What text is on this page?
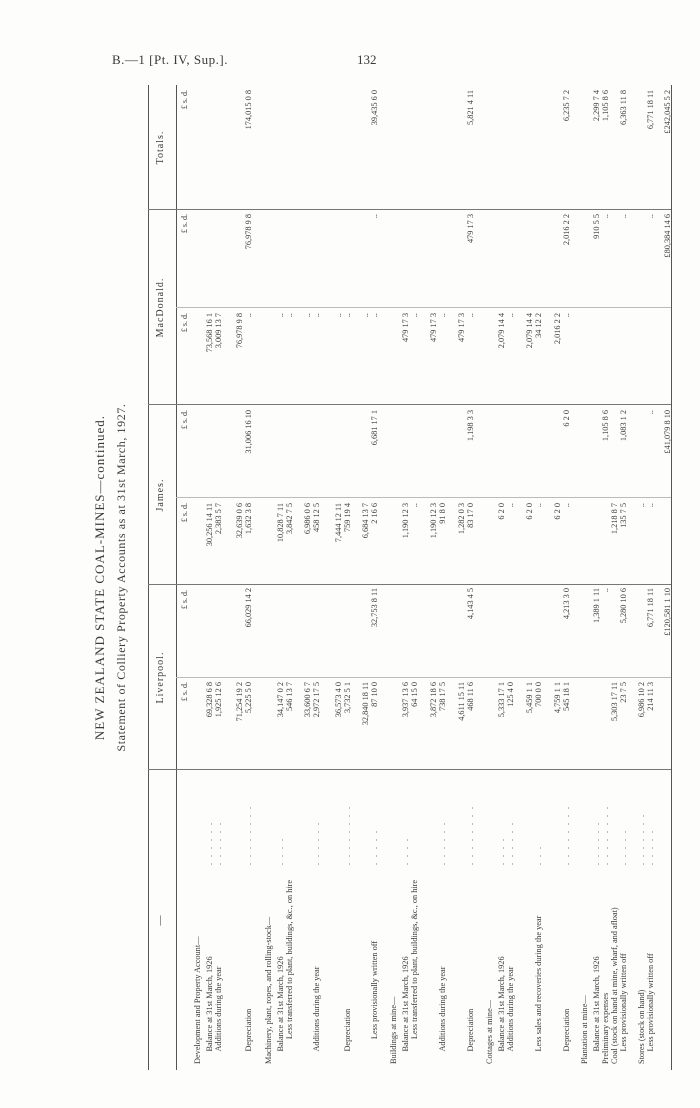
B.—1 [Pt. IV, Sup.].	132
NEW ZEALAND STATE COAL-MINES—continued. Statement of Colliery Property Accounts as at 31st March, 1927.
—
Liverpool.
James.
MacDonald.
Totals.
£ s. d.
£ s. d.
£ s. d.
£ s. d.
£ s. d.
£ s. d.
£ s. d.
Development and Property Account— Balance at 31st March, 1926
. . . . . .
69,328 6 8
30,256 14 11
73,568 16 1
Additions during the year
. . . . . .
1,925 12 6
2,383 5 7
3,009 13 7
71,254 19 2
32,639 0 6
76,978 9 8
Depreciation
. . . . . . . .
5,225 5 0
66,029 14 2
1,632 3 8
31,006 16 10
..
76,978 9 8
174,015 0 8
Machinery, plant, ropes, and rolling-stock— Balance at 31st March, 1926
. . . .
34,147 0 2
10,828 7 11
..
Less transferred to plant, buildings, &c., on hire
546 13 7
3,842 7 5
..
33,600 6 7
6,986 0 6
..
Additions during the year
. . . . . .
2,972 17 5
458 12 5
..
36,573 4 0
7,444 12 11
..
Depreciation
. . . . . . . .
3,732 5 1
759 19 4
..
32,840 18 11
6,684 13 7
..
Less provisionally written off
. . . . .
87 10 0
32,753 8 11
2 16 6
6,681 17 1
..
..
39,435 6 0
Buildings at mine— Balance at 31st March, 1926
. . . .
3,937 13 6
1,190 12 3
479 17 3
Less transferred to plant, buildings, &c., on hire
64 15 0
..
..
3,872 18 6
1,190 12 3
479 17 3
Additions during the year
. . . . . .
738 17 5
91 8 0
..
4,611 15 11
1,282 0 3
479 17 3
Depreciation
. . . . . . . .
468 11 6
4,143 4 5
83 17 0
1,198 3 3
..
479 17 3
5,821 4 11
Cottages at mine— Balance at 31st March, 1926
. . . .
5,333 17 1
6 2 0
2,079 14 4
Additions during the year
. . . . . .
125 4 0
..
..
5,459 1 1
6 2 0
2,079 14 4
Less sales and recoveries during the year
. . .
700 0 0
..
34 12 2
4,759 1 1
6 2 0
2,016 2 2
Depreciation
. . . . . . . .
545 18 1
4,213 3 0
..
6 2 0
..
2,016 2 2
6,235 7 2
Plantation at mine— Balance at 31st March, 1926
. . . . . .
1,389 1 11
910 5 5
2,299 7 4
Preliminary expenses
. . . . . . . .
..
1,105 8 6
..
1,105 8 6
Coal (stock on hand at mine, wharf, and afloat)
5,303 17 11
1,218 8 7
Less provisionally written off
. . . . .
23 7 5
5,280 10 6
135 7 5
1,083 1 2
..
6,363 11 8
Stores (stock on hand)
. . . . . . .
6,986 10 2
..
Less provisionally written off
. . . . .
214 11 3
6,771 18 11
..
..
..
6,771 18 11
£120,581 1 10
£41,079 8 10
£80,384 14 6
£242,045 5 2
